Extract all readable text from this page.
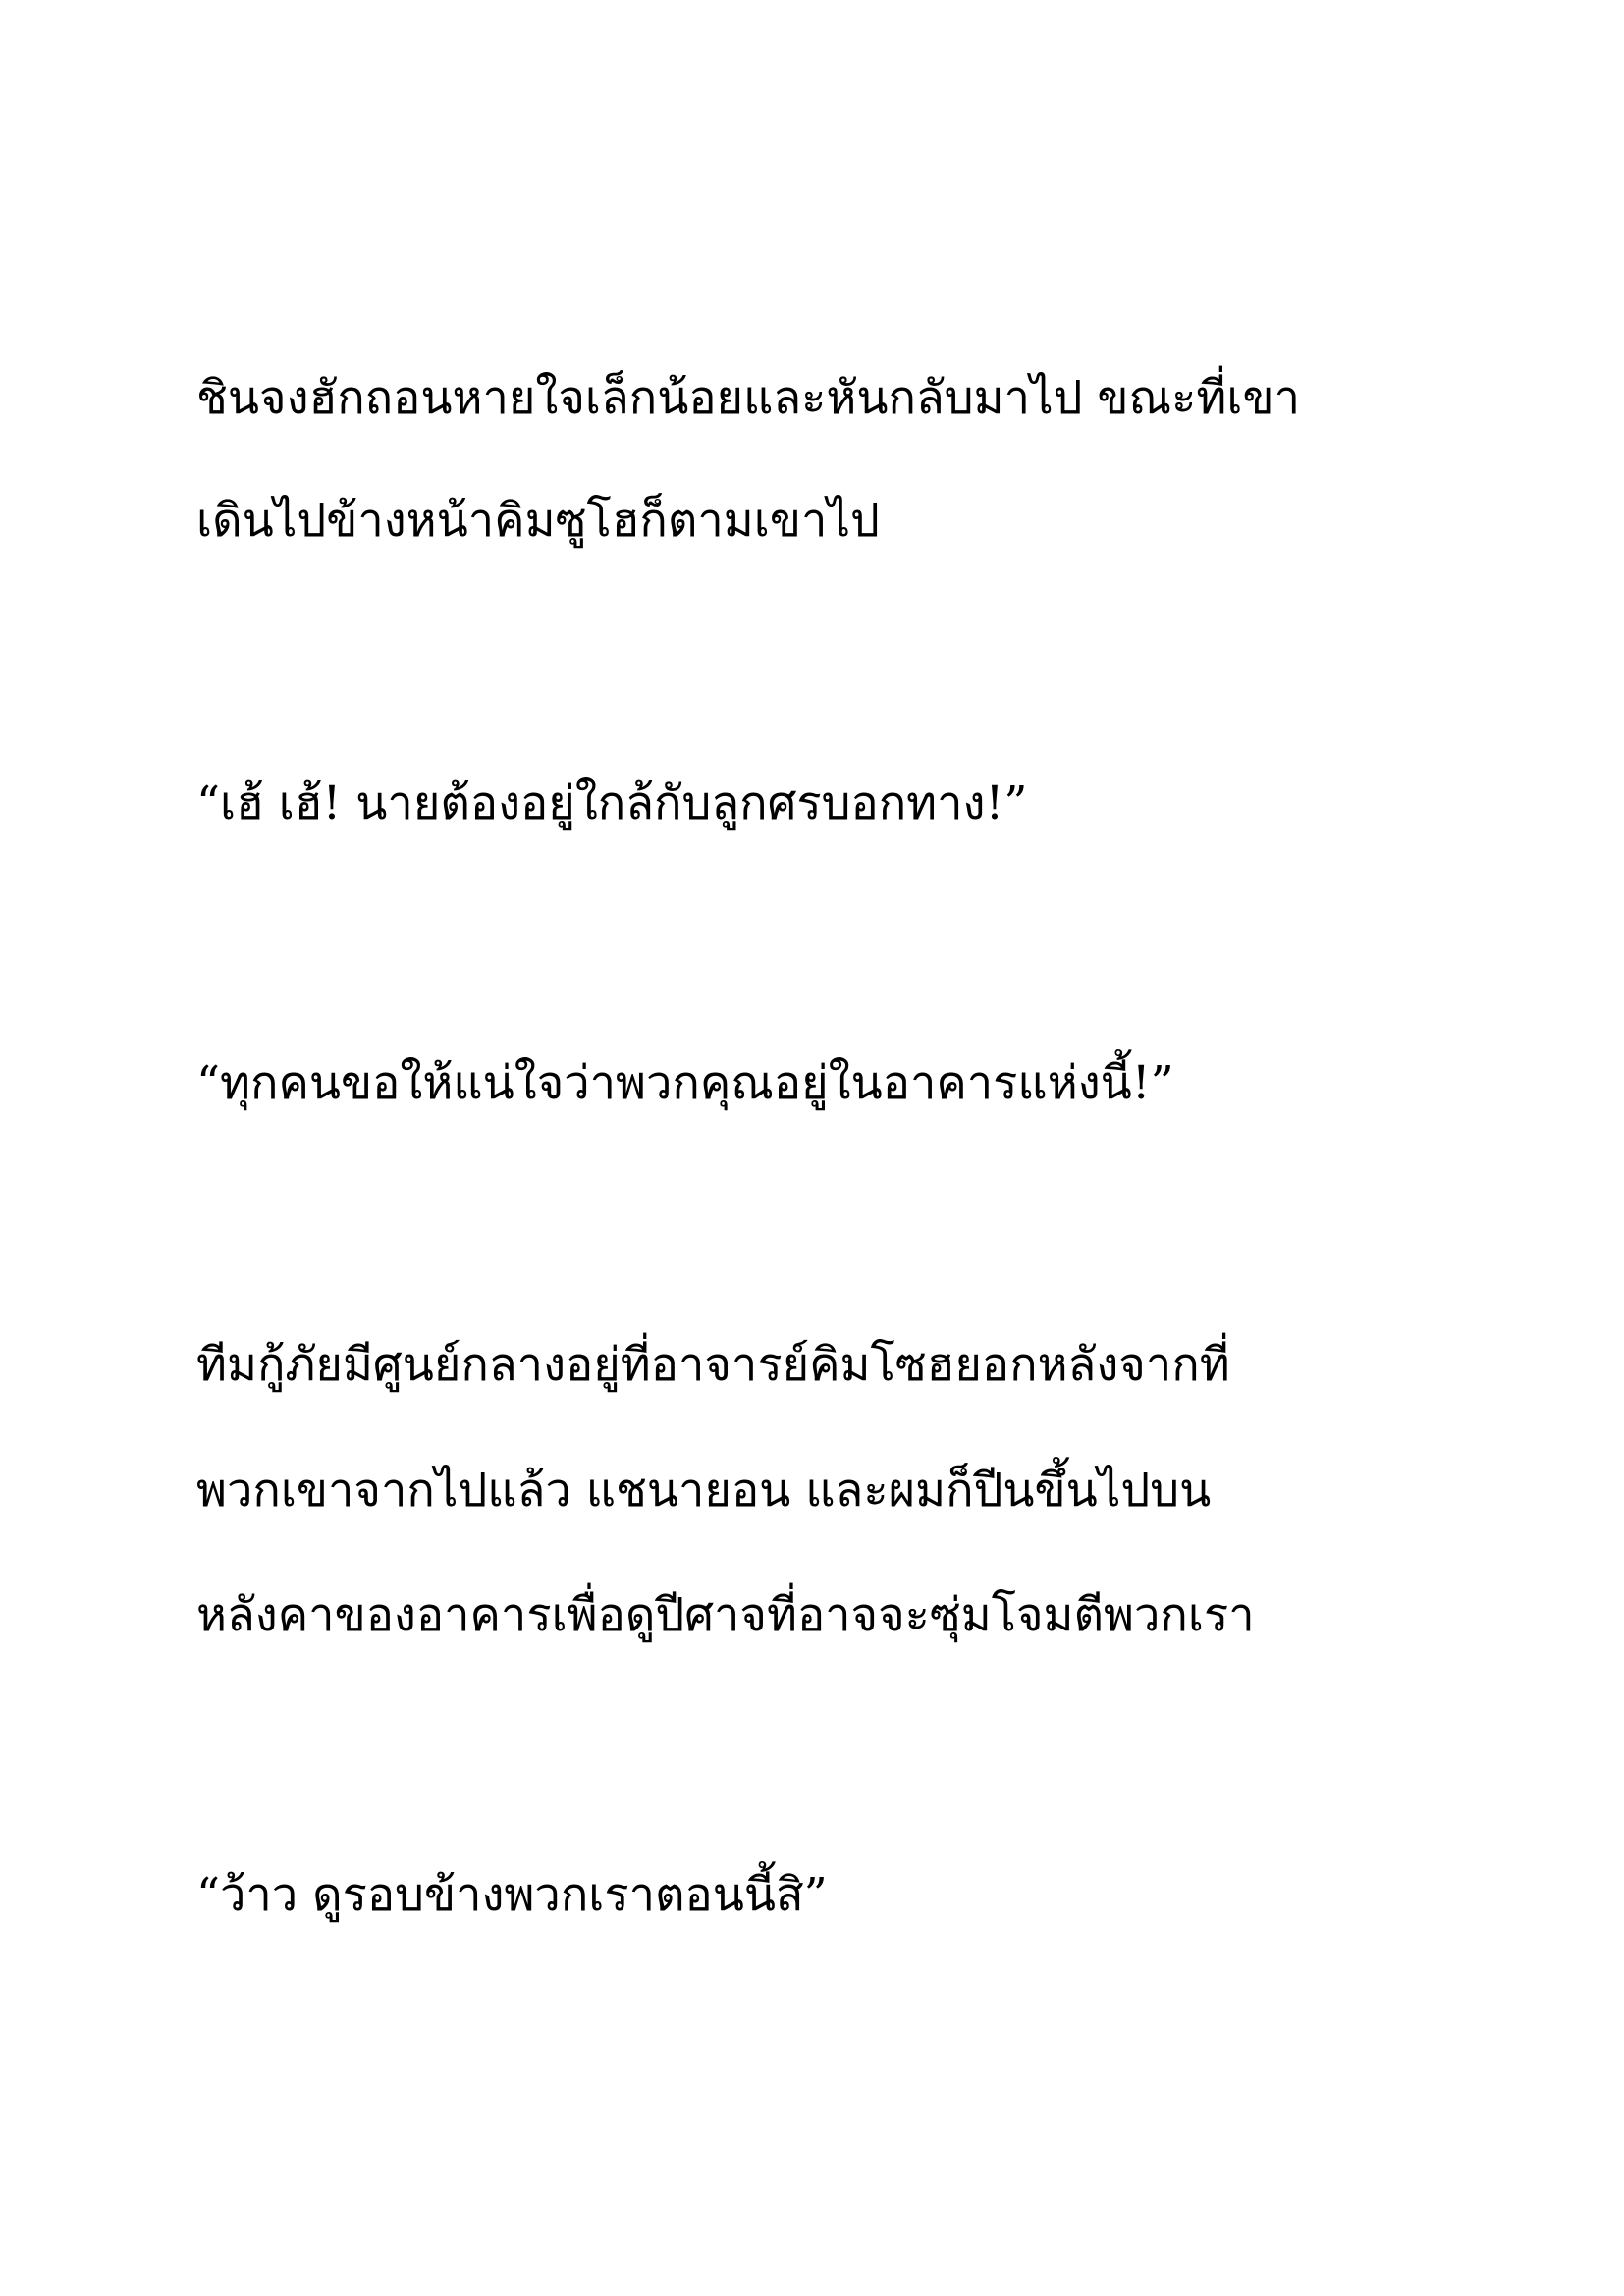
ชินจงฮักถอนหายใจเล็กน้อยและหันกลับมาไป ขณะที่เขา
เดินไปข้างหน้าคิมซูโฮก็ตามเขาไป
“เฮ้ เฮ้! นายต้องอยู่ใกล้กับลูกศรบอกทาง!”
“ทุกคนขอให้แน่ใจว่าพวกคุณอยู่ในอาคารแห่งนี้!”
ทีมกู้ภัยมีศูนย์กลางอยู่ที่อาจารย์คิมโซฮยอกหลังจากที่
พวกเขาจากไปแล้ว แชนายอน และผมก็ปีนขึ้นไปบน
หลังคาของอาคารเพื่อดูปีศาจที่อาจจะซุ่มโจมตีพวกเรา
“ว้าว ดูรอบข้างพวกเราตอนนี้สิ”
